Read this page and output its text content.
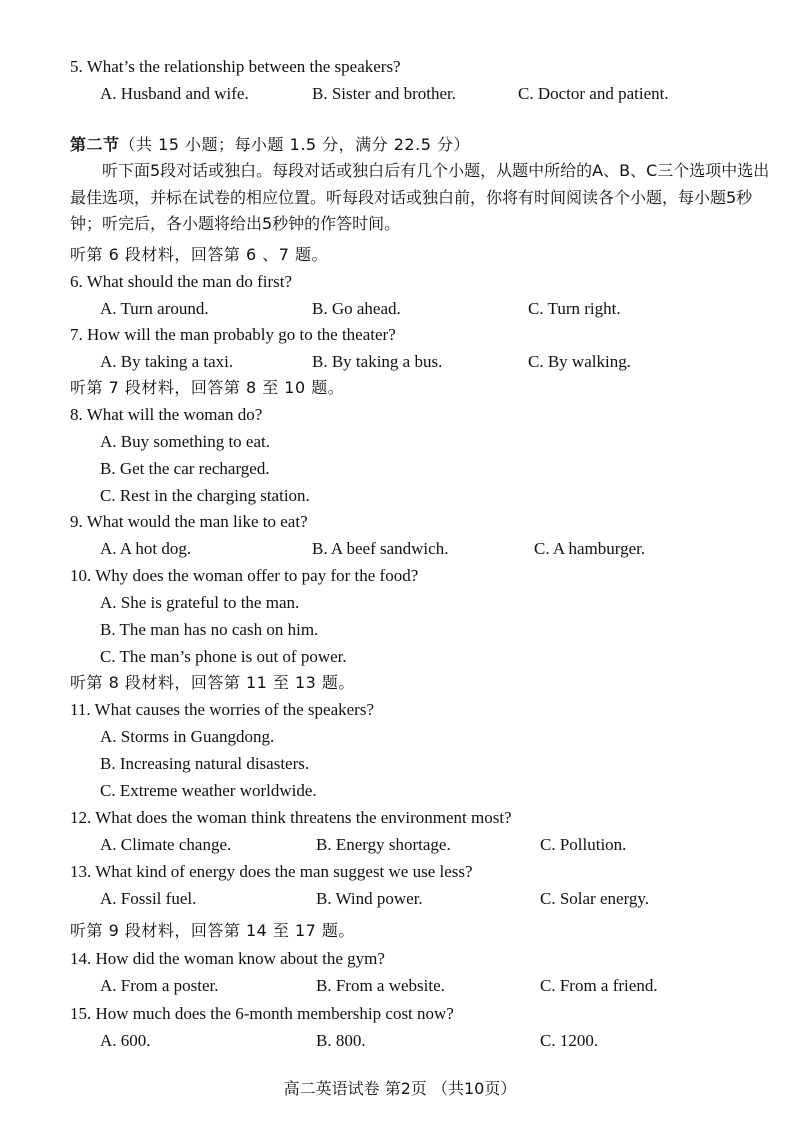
5. What’s the relationship between the speakers?
A. Husband and wife.	B. Sister and brother.	C. Doctor and patient.
第二节（共 15 小题；每小题 1.5 分，满分 22.5 分）
听下面5段对话或独白。每段对话或独白后有几个小题，从题中所给的A、B、C三个选项中选出最佳选项，并标在试卷的相应位置。听每段对话或独白前，你将有时间阅读各个小题，每小题5秒钟；听完后，各小题将给出5秒钟的作答时间。
听第 6 段材料，回答第 6 、7 题。
6. What should the man do first?
A. Turn around.	B. Go ahead.	C. Turn right.
7. How will the man probably go to the theater?
A. By taking a taxi.	B. By taking a bus.	C. By walking.
听第 7 段材料，回答第 8 至 10 题。
8. What will the woman do?
A. Buy something to eat.
B. Get the car recharged.
C. Rest in the charging station.
9. What would the man like to eat?
A. A hot dog.	B. A beef sandwich.	C. A hamburger.
10. Why does the woman offer to pay for the food?
A. She is grateful to the man.
B. The man has no cash on him.
C. The man’s phone is out of power.
听第 8 段材料，回答第 11 至 13 题。
11. What causes the worries of the speakers?
A. Storms in Guangdong.
B. Increasing natural disasters.
C. Extreme weather worldwide.
12. What does the woman think threatens the environment most?
A. Climate change.	B. Energy shortage.	C. Pollution.
13. What kind of energy does the man suggest we use less?
A. Fossil fuel.	B. Wind power.	C. Solar energy.
听第 9 段材料，回答第 14 至 17 题。
14. How did the woman know about the gym?
A. From a poster.	B. From a website.	C. From a friend.
15. How much does the 6-month membership cost now?
A. 600.	B. 800.	C. 1200.
高二英语试卷 第2页 （共10页）
